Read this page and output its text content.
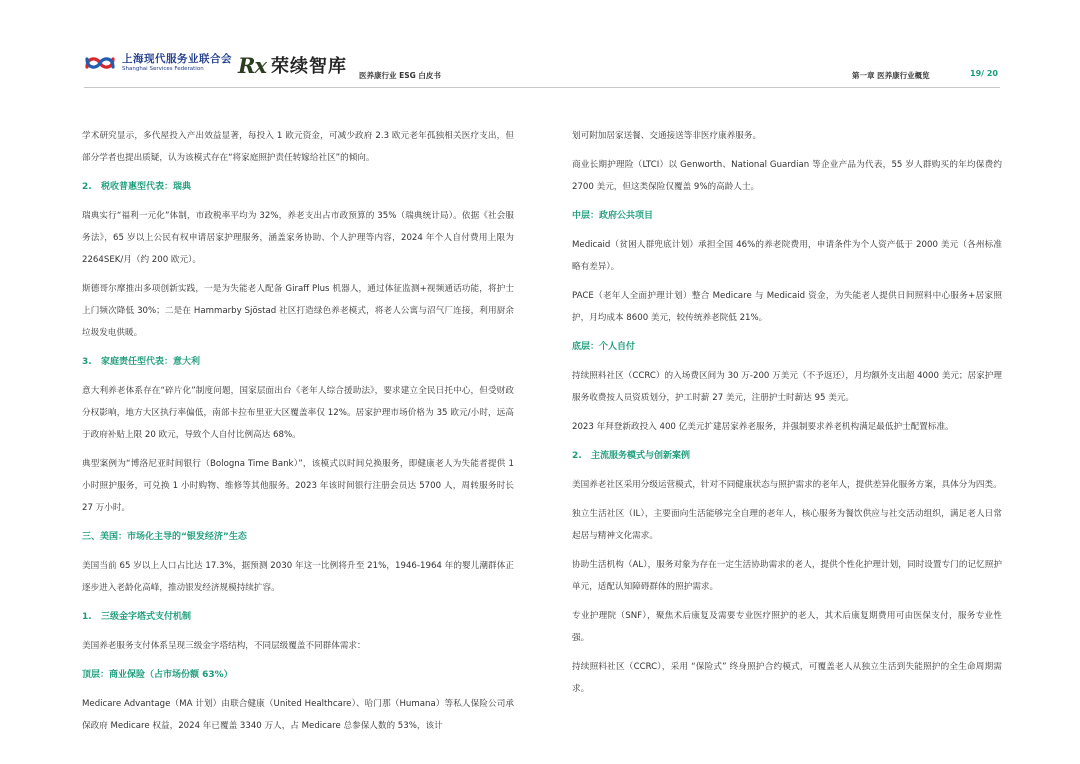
上海现代服务业联合会
Shanghai Services Federation	Rx 荣续智库 医养康行业 ESG 白皮书	第一章 医养康行业概览	19/ 20

学术研究显示，多代屋投入产出效益显著，每投入 1 欧元资金，可减少政府 2.3 欧元老年孤独相关医疗支出，但部分学者也提出质疑，认为该模式存在“将家庭照护责任转嫁给社区”的倾向。

2. 税收普惠型代表：瑞典

瑞典实行“福利一元化”体制，市政税率平均为 32%，养老支出占市政预算的 35%（瑞典统计局）。依据《社会服务法》，65 岁以上公民有权申请居家护理服务，涵盖家务协助、个人护理等内容，2024 年个人自付费用上限为 2264SEK/月（约 200 欧元）。

斯德哥尔摩推出多项创新实践，一是为失能老人配备 Giraff Plus 机器人，通过体征监测+视频通话功能，将护士上门频次降低 30%；二是在 Hammarby Sjöstad 社区打造绿色养老模式，将老人公寓与沼气厂连接，利用厨余垃圾发电供暖。

3. 家庭责任型代表：意大利

意大利养老体系存在“碎片化”制度问题，国家层面出台《老年人综合援助法》，要求建立全民日托中心，但受财政分权影响，地方大区执行率偏低，南部卡拉布里亚大区覆盖率仅 12%。居家护理市场价格为 35 欧元/小时，远高于政府补贴上限 20 欧元，导致个人自付比例高达 68%。

典型案例为“博洛尼亚时间银行（Bologna Time Bank）”，该模式以时间兑换服务，即健康老人为失能者提供 1 小时照护服务，可兑换 1 小时购物、维修等其他服务。2023 年该时间银行注册会员达 5700 人，周转服务时长 27 万小时。

三、美国：市场化主导的“银发经济”生态

美国当前 65 岁以上人口占比达 17.3%，据预测 2030 年这一比例将升至 21%，1946-1964 年的婴儿潮群体正逐步进入老龄化高峰，推动银发经济规模持续扩容。

1. 三级金字塔式支付机制

美国养老服务支付体系呈现三级金字塔结构，不同层级覆盖不同群体需求：

顶层：商业保险（占市场份额 63%）

Medicare Advantage（MA 计划）由联合健康（United Healthcare）、哈门那（Humana）等私人保险公司承保政府 Medicare 权益，2024 年已覆盖 3340 万人，占 Medicare 总参保人数的 53%，该计

划可附加居家送餐、交通接送等非医疗康养服务。

商业长期护理险（LTCI）以 Genworth、National Guardian 等企业产品为代表，55 岁人群购买的年均保费约 2700 美元，但这类保险仅覆盖 9%的高龄人士。

中层：政府公共项目

Medicaid（贫困人群兜底计划）承担全国 46%的养老院费用，申请条件为个人资产低于 2000 美元（各州标准略有差异）。

PACE（老年人全面护理计划）整合 Medicare 与 Medicaid 资金，为失能老人提供日间照料中心服务+居家照护，月均成本 8600 美元，较传统养老院低 21%。

底层：个人自付

持续照料社区（CCRC）的入场费区间为 30 万-200 万美元（不予返还），月均额外支出超 4000 美元；居家护理服务收费按人员资质划分，护工时薪 27 美元，注册护士时薪达 95 美元。

2023 年拜登新政投入 400 亿美元扩建居家养老服务，并强制要求养老机构满足最低护士配置标准。

2. 主流服务模式与创新案例

美国养老社区采用分级运营模式，针对不同健康状态与照护需求的老年人，提供差异化服务方案，具体分为四类。

独立生活社区（IL），主要面向生活能够完全自理的老年人，核心服务为餐饮供应与社交活动组织，满足老人日常起居与精神文化需求。

协助生活机构（AL），服务对象为存在一定生活协助需求的老人，提供个性化护理计划，同时设置专门的记忆照护单元，适配认知障碍群体的照护需求。

专业护理院（SNF），聚焦术后康复及需要专业医疗照护的老人，其术后康复期费用可由医保支付，服务专业性强。

持续照料社区（CCRC），采用 “保险式” 终身照护合约模式，可覆盖老人从独立生活到失能照护的全生命周期需求。
